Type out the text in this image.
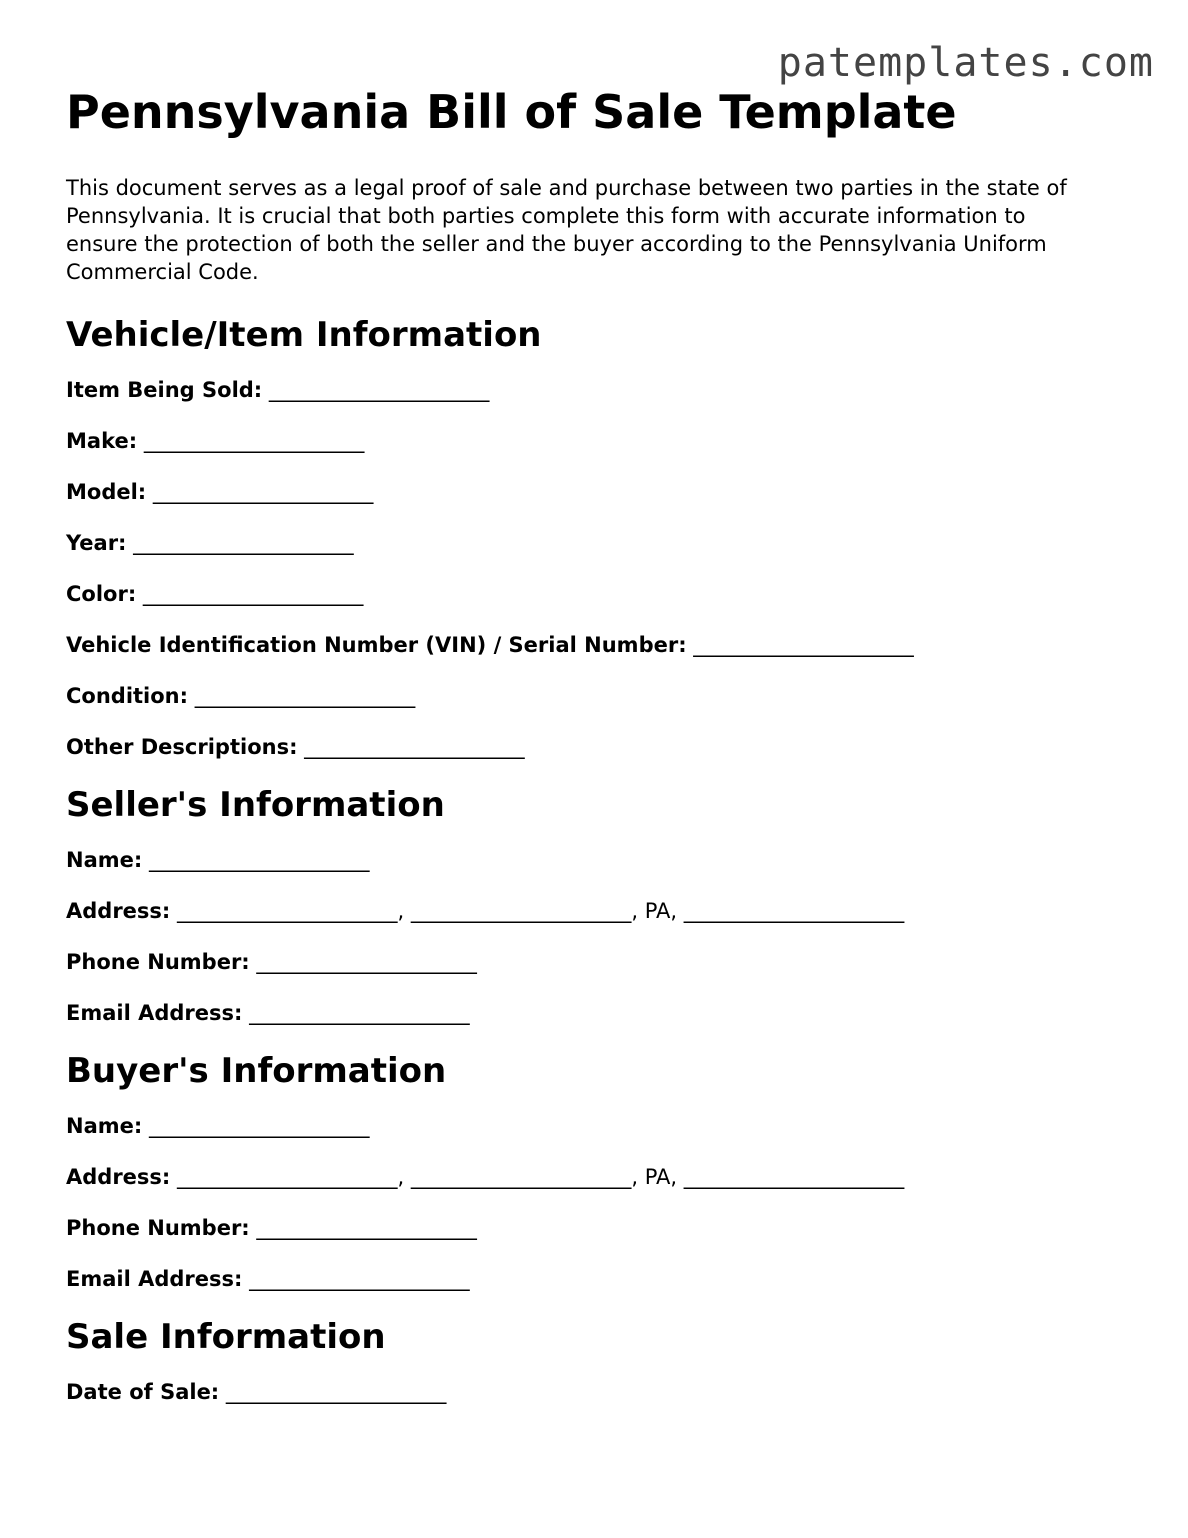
patemplates.com
Pennsylvania Bill of Sale Template

This document serves as a legal proof of sale and purchase between two parties in the state of Pennsylvania. It is crucial that both parties complete this form with accurate information to ensure the protection of both the seller and the buyer according to the Pennsylvania Uniform Commercial Code.

Vehicle/Item Information
Item Being Sold: _____________________
Make: _____________________
Model: _____________________
Year: _____________________
Color: _____________________
Vehicle Identification Number (VIN) / Serial Number: _____________________
Condition: _____________________
Other Descriptions: _____________________
Seller's Information
Name: _____________________
Address: _____________________, _____________________, PA, _____________________
Phone Number: _____________________
Email Address: _____________________
Buyer's Information
Name: _____________________
Address: _____________________, _____________________, PA, _____________________
Phone Number: _____________________
Email Address: _____________________
Sale Information
Date of Sale: _____________________
